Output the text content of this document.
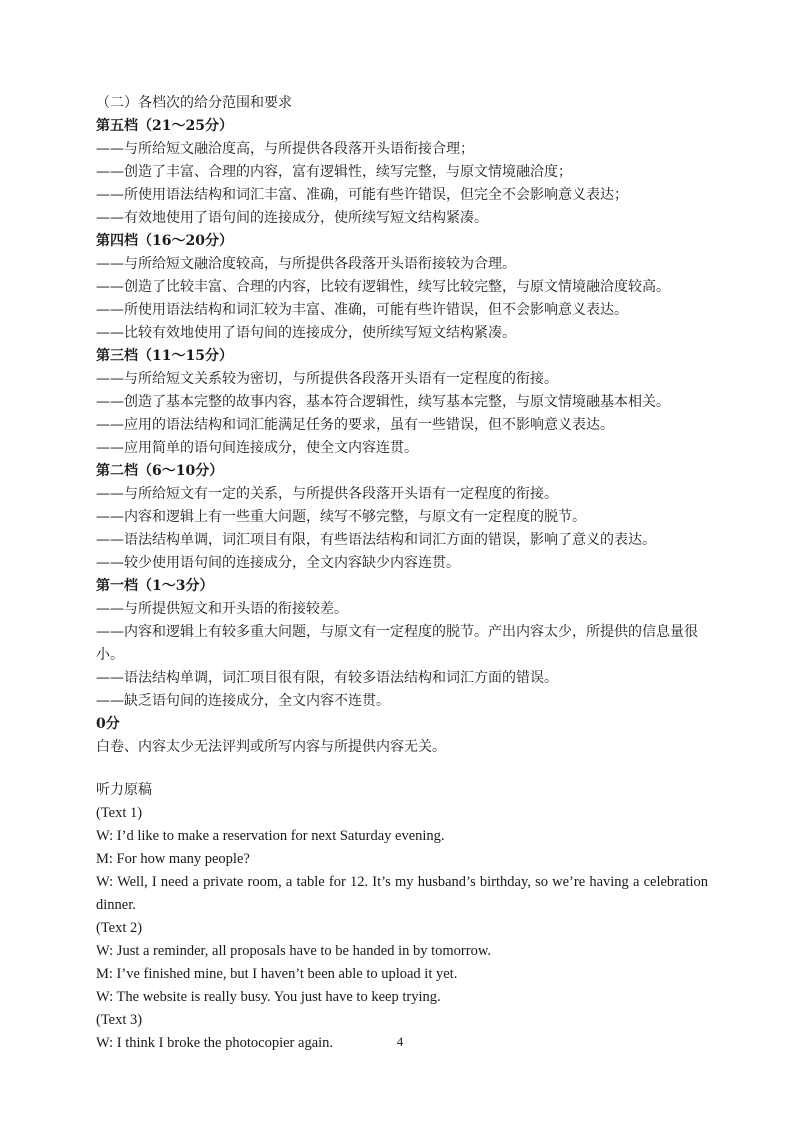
（二）各档次的给分范围和要求
第五档（21～25分）
——与所给短文融洽度高，与所提供各段落开头语衔接合理；
——创造了丰富、合理的内容，富有逻辑性，续写完整，与原文情境融洽度；
——所使用语法结构和词汇丰富、准确，可能有些许错误，但完全不会影响意义表达；
——有效地使用了语句间的连接成分，使所续写短文结构紧凑。
第四档（16～20分）
——与所给短文融洽度较高，与所提供各段落开头语衔接较为合理。
——创造了比较丰富、合理的内容，比较有逻辑性，续写比较完整，与原文情境融洽度较高。
——所使用语法结构和词汇较为丰富、准确，可能有些许错误，但不会影响意义表达。
——比较有效地使用了语句间的连接成分，使所续写短文结构紧凑。
第三档（11～15分）
——与所给短文关系较为密切，与所提供各段落开头语有一定程度的衔接。
——创造了基本完整的故事内容，基本符合逻辑性，续写基本完整，与原文情境融基本相关。
——应用的语法结构和词汇能满足任务的要求，虽有一些错误，但不影响意义表达。
——应用简单的语句间连接成分，使全文内容连贯。
第二档（6～10分）
——与所给短文有一定的关系，与所提供各段落开头语有一定程度的衔接。
——内容和逻辑上有一些重大问题，续写不够完整，与原文有一定程度的脱节。
——语法结构单调，词汇项目有限，有些语法结构和词汇方面的错误，影响了意义的表达。
——较少使用语句间的连接成分，全文内容缺少内容连贯。
第一档（1～3分）
——与所提供短文和开头语的衔接较差。
——内容和逻辑上有较多重大问题，与原文有一定程度的脱节。产出内容太少，所提供的信息量很小。
——语法结构单调，词汇项目很有限，有较多语法结构和词汇方面的错误。
——缺乏语句间的连接成分，全文内容不连贯。
0分
白卷、内容太少无法评判或所写内容与所提供内容无关。
听力原稿
(Text 1)
W: I’d like to make a reservation for next Saturday evening.
M: For how many people?
W: Well, I need a private room, a table for 12. It’s my husband’s birthday, so we’re having a celebration dinner.
(Text 2)
W: Just a reminder, all proposals have to be handed in by tomorrow.
M: I’ve finished mine, but I haven’t been able to upload it yet.
W: The website is really busy. You just have to keep trying.
(Text 3)
W: I think I broke the photocopier again.	4
